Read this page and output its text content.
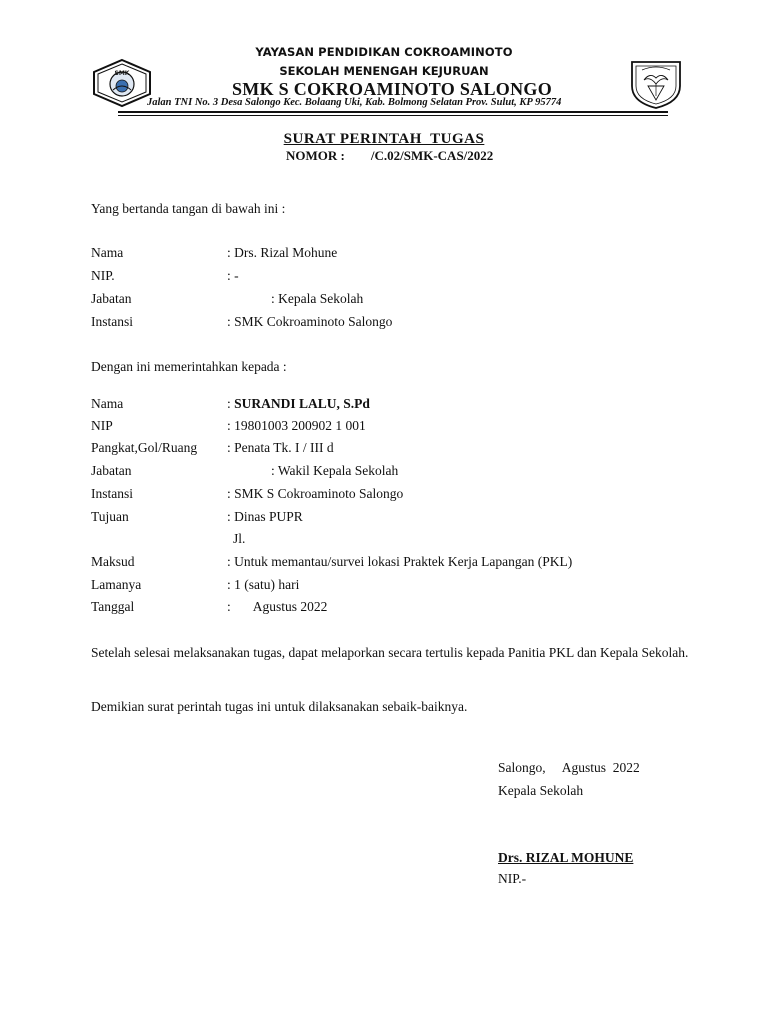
SMK
YAYASAN PENDIDIKAN COKROAMINOTO
SEKOLAH MENENGAH KEJURUAN
SMK S COKROAMINOTO SALONGO
Jalan TNI No. 3 Desa Salongo Kec. Bolaang Uki, Kab. Bolmong Selatan Prov. Sulut, KP 95774
SURAT PERINTAH  TUGAS
NOMOR : /C.02/SMK-CAS/2022
Yang bertanda tangan di bawah ini :
Nama	: Drs. Rizal Mohune
NIP.	: -
Jabatan	: Kepala Sekolah
Instansi	: SMK Cokroaminoto Salongo
Dengan ini memerintahkan kepada :
Nama	: SURANDI LALU, S.Pd
NIP	: 19801003 200902 1 001
Pangkat,Gol/Ruang : Penata Tk. I / III d
Jabatan	: Wakil Kepala Sekolah
Instansi	: SMK S Cokroaminoto Salongo
Tujuan	: Dinas PUPR
Jl.
Maksud	: Untuk memantau/survei lokasi Praktek Kerja Lapangan (PKL)
Lamanya	: 1 (satu) hari
Tanggal	: Agustus 2022
Setelah selesai melaksanakan tugas, dapat melaporkan secara tertulis kepada Panitia PKL dan Kepala Sekolah.
Demikian surat perintah tugas ini untuk dilaksanakan sebaik-baiknya.
Salongo,     Agustus  2022
Kepala Sekolah
Drs. RIZAL MOHUNE
NIP.-
